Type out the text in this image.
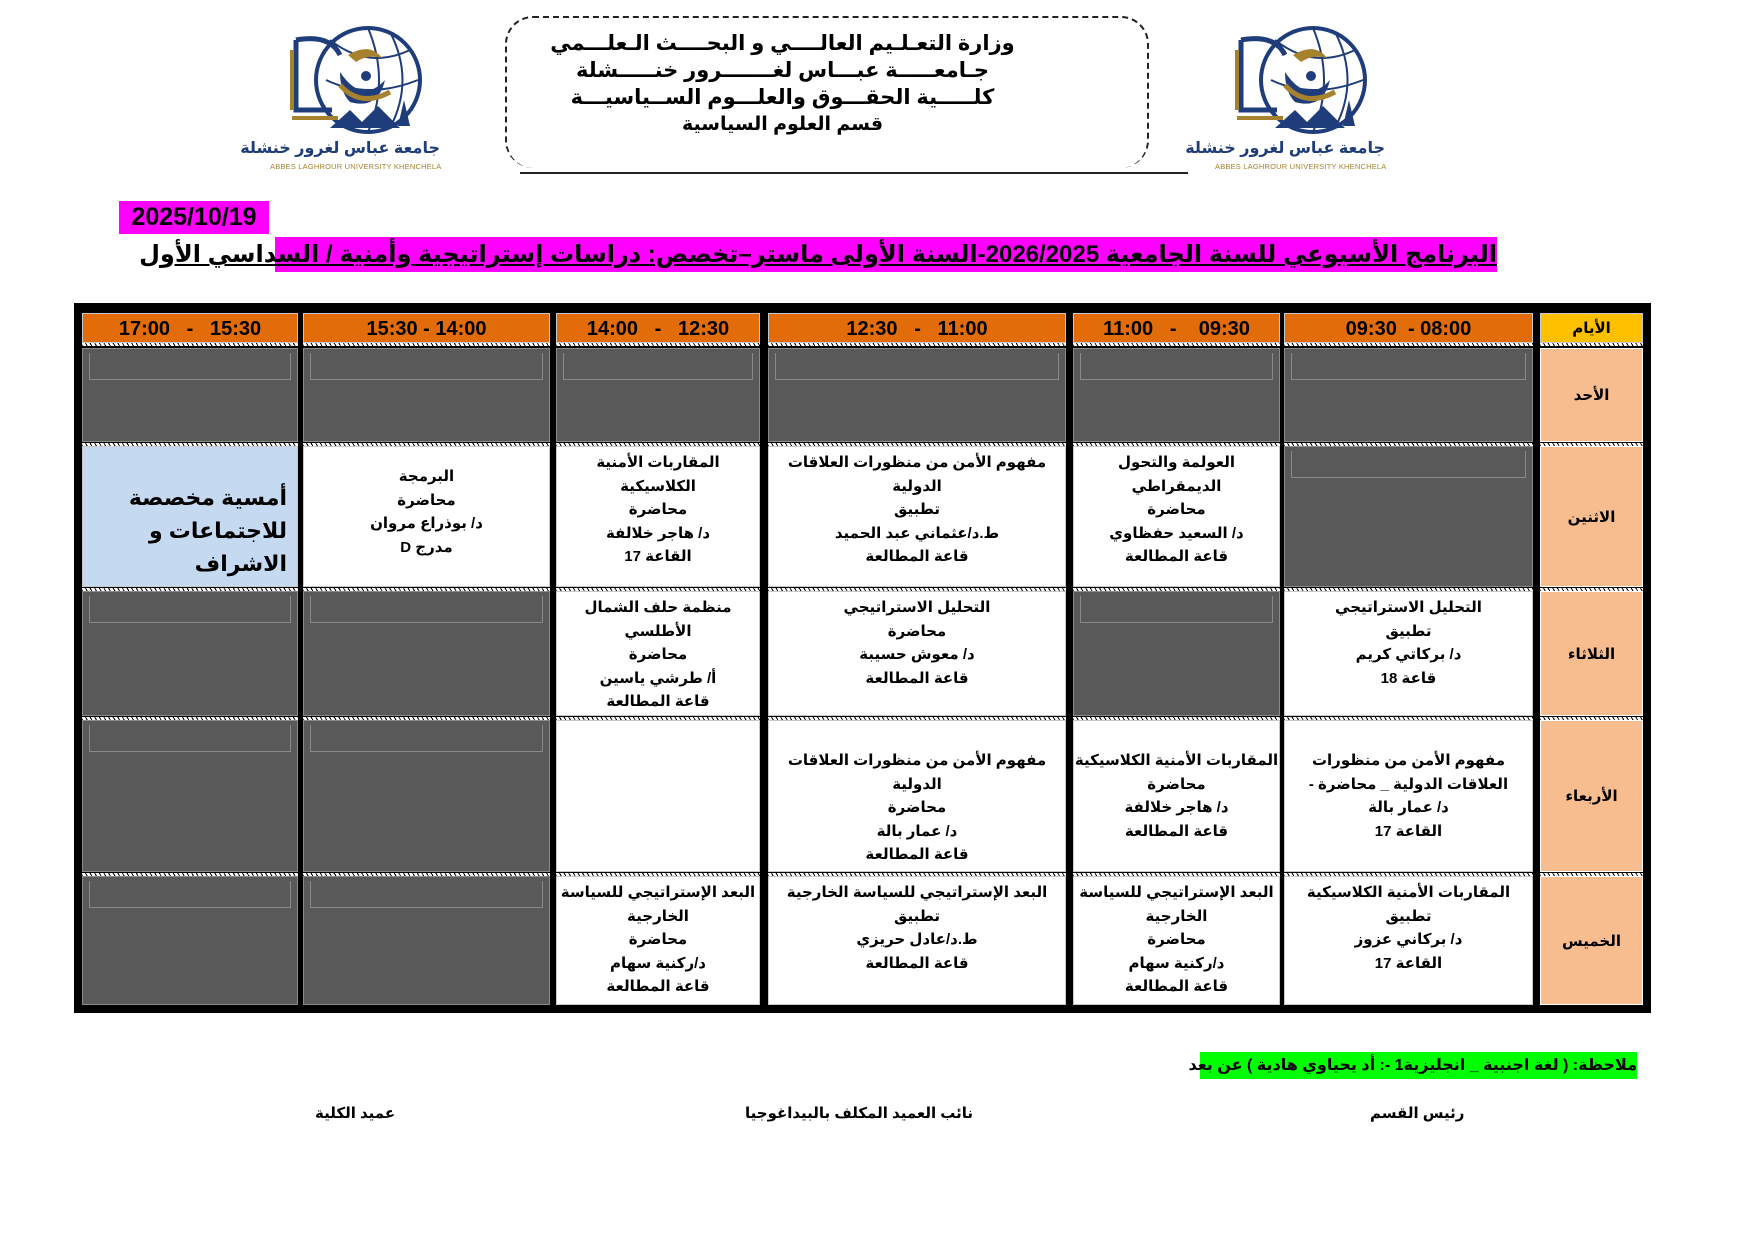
جامعة عباس لغرور خنشلة
ABBES LAGHROUR UNIVERSITY KHENCHELA
جامعة عباس لغرور خنشلة
ABBES LAGHROUR UNIVERSITY KHENCHELA
وزارة التعـلـيم العالــــي و البحــــث الـعلـــمي
جـامعـــــة عبـــاس لغـــــــرور خنـــــشلة
كلـــــية الحقـــوق والعلـــوم الســياسيـــة
قسم العلوم السياسية
2025/10/19
البرنامج الأسبوعي للسنة الجامعية 2026/2025-السنة الأولى ماستر–تخصص: دراسات إستراتيجية وأمنية / السداسي الأول
الأيام
09:30  - 08:00
11:00   -    09:30
12:30   -   11:00
14:00   -   12:30
15:30 - 14:00
17:00   -   15:30
الأحد
الاثنين
العولمة والتحول الديمقراطي
محاضرة
د/ السعيد حفظاوي
قاعة المطالعة
مفهوم الأمن من منظورات العلاقات
الدولية
تطبيق
ط.د/عثماني عبد الحميد
قاعة المطالعة
المقاربات الأمنية الكلاسيكية
محاضرة
د/ هاجر خلالفة
القاعة 17
البرمجة
محاضرة
د/ بوذراع مروان
مدرج D
أمسية مخصصة
للاجتماعات و
الاشراف
الثلاثاء
التحليل الاستراتيجي
تطبيق
د/ بركاتي كريم
قاعة 18
التحليل الاستراتيجي
محاضرة
د/ معوش حسيبة
قاعة المطالعة
منظمة حلف الشمال
الأطلسي
محاضرة
أ/ طرشي ياسين
قاعة المطالعة
الأربعاء
مفهوم الأمن من منظورات
العلاقات الدولية _ محاضرة -
د/ عمار بالة
القاعة 17
المقاربات الأمنية الكلاسيكية
محاضرة
د/ هاجر خلالفة
قاعة المطالعة
مفهوم الأمن من منظورات العلاقات
الدولية
محاضرة
د/ عمار بالة
قاعة المطالعة
الخميس
المقاربات الأمنية الكلاسيكية
تطبيق
د/ بركاني عزوز
القاعة 17
البعد الإستراتيجي للسياسة
الخارجية
محاضرة
د/ركنية سهام
قاعة المطالعة
البعد الإستراتيجي للسياسة الخارجية
تطبيق
ط.د/عادل حريزي
قاعة المطالعة
البعد الإستراتيجي للسياسة
الخارجية
محاضرة
د/ركنية سهام
قاعة المطالعة
ملاحظة: ( لغة اجنبية _ انجليزية1 -: أد يحياوي هادية ) عن بعد
رئيس القسم
نائب العميد المكلف بالبيداغوجيا
عميد الكلية
